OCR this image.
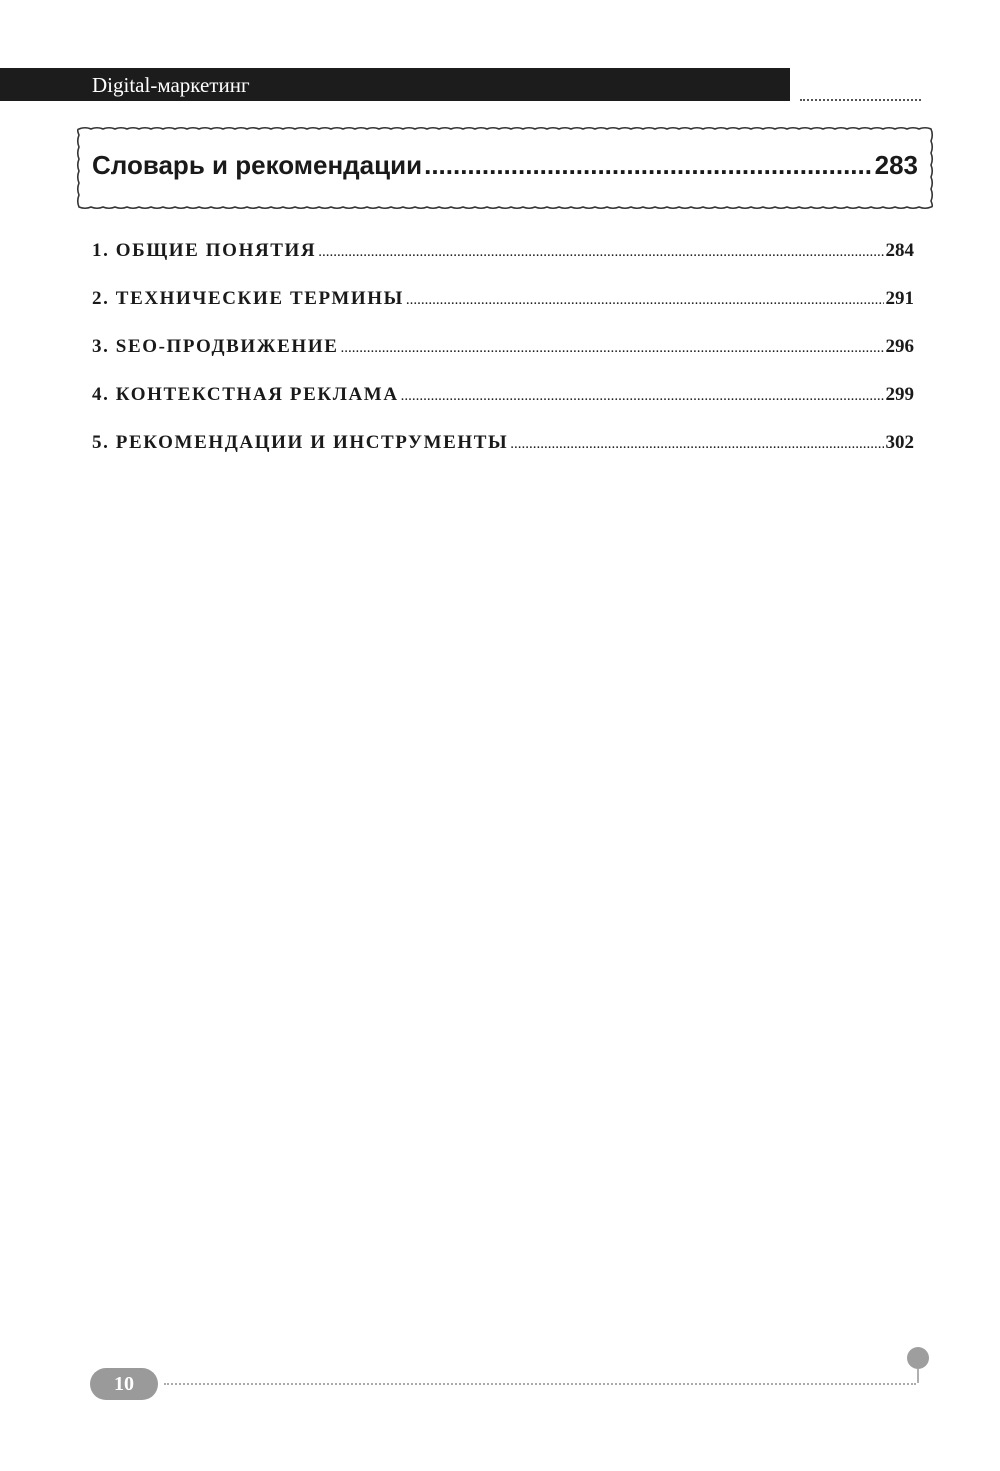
Digital-маркетинг
Словарь и рекомендации .....	283
1. ОБЩИЕ ПОНЯТИЯ .....	284
2. ТЕХНИЧЕСКИЕ ТЕРМИНЫ .....	291
3. SEO-ПРОДВИЖЕНИЕ .....	296
4. КОНТЕКСТНАЯ РЕКЛАМА .....	299
5. РЕКОМЕНДАЦИИ И ИНСТРУМЕНТЫ .....	302
10
